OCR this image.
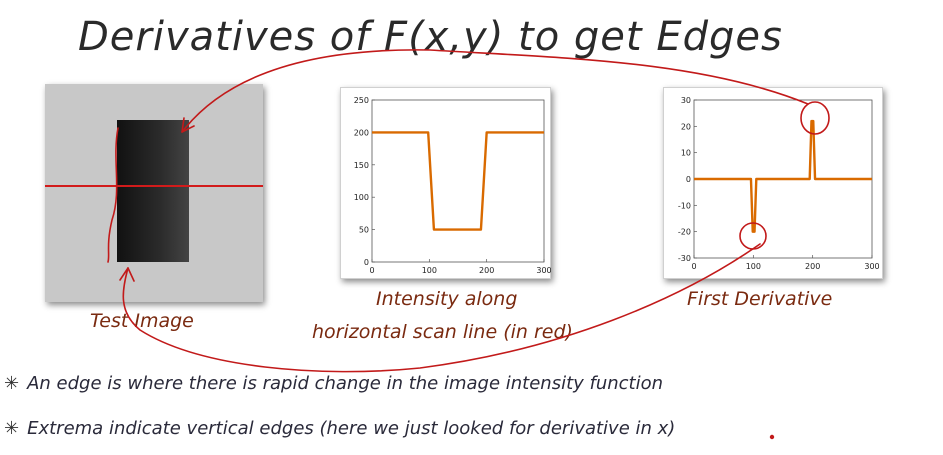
Derivatives of F(x,y) to get Edges
0	100	200	300
0
50
100
150
200
250
0	100	200	300
-30
-20
-10
0
10
20
30
Test Image
Intensity along
horizontal scan line (in red)
First Derivative
✳ An edge is where there is rapid change in the image intensity function
✳ Extrema indicate vertical edges (here we just looked for derivative in x)
